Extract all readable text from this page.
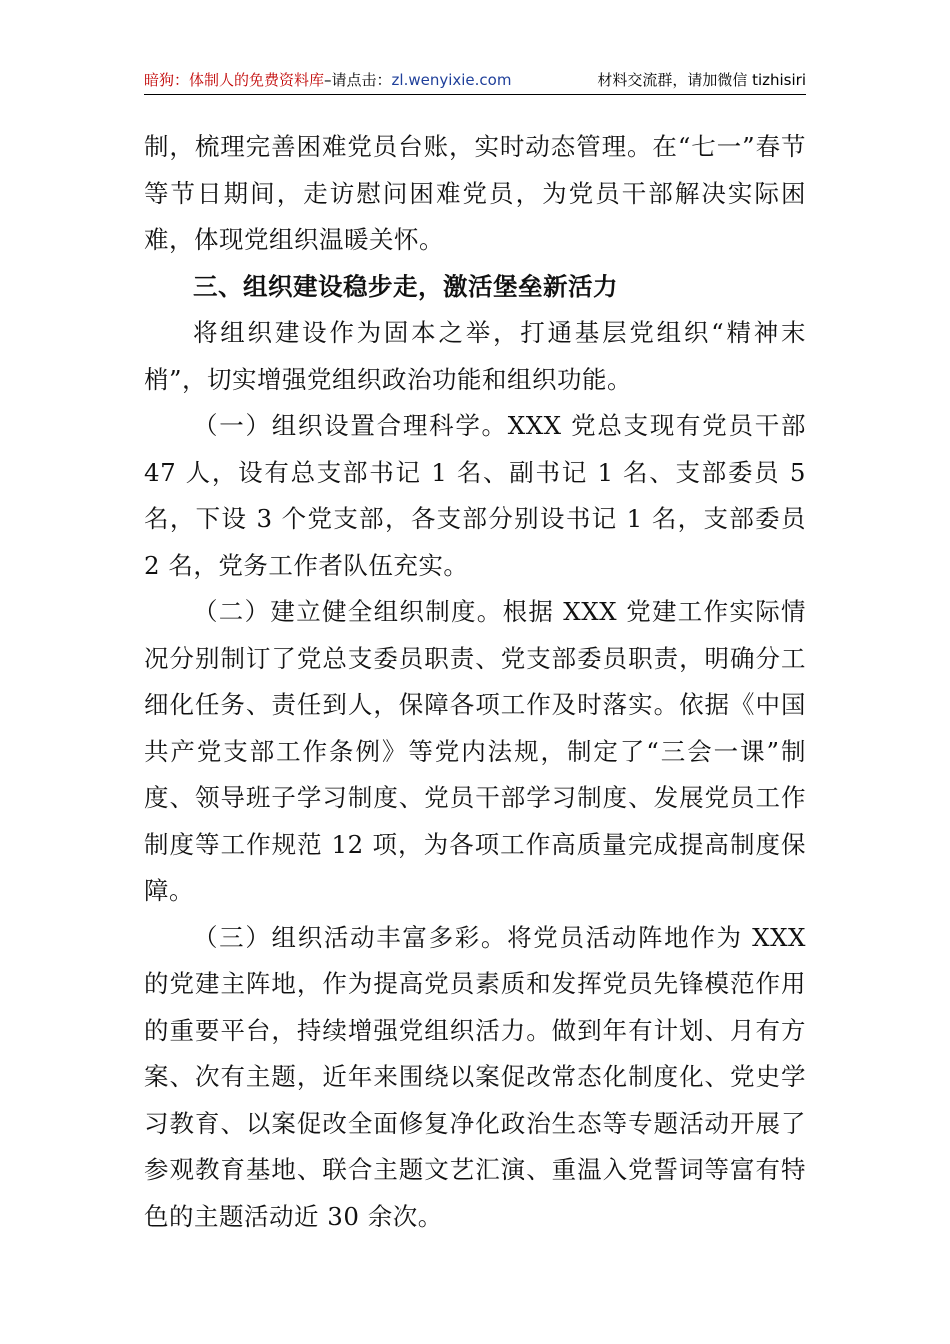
暗狗：体制人的免费资料库–请点击：zl.wenyixie.com	材料交流群，请加微信 tizhisiri

制，梳理完善困难党员台账，实时动态管理。在“七一”春节等节日期间，走访慰问困难党员，为党员干部解决实际困难，体现党组织温暖关怀。

三、组织建设稳步走，激活堡垒新活力

将组织建设作为固本之举，打通基层党组织“精神末梢”，切实增强党组织政治功能和组织功能。

（一）组织设置合理科学。XXX 党总支现有党员干部 47 人，设有总支部书记 1 名、副书记 1 名、支部委员 5 名，下设 3 个党支部，各支部分别设书记 1 名，支部委员 2 名，党务工作者队伍充实。

（二）建立健全组织制度。根据 XXX 党建工作实际情况分别制订了党总支委员职责、党支部委员职责，明确分工细化任务、责任到人，保障各项工作及时落实。依据《中国共产党支部工作条例》等党内法规，制定了“三会一课”制度、领导班子学习制度、党员干部学习制度、发展党员工作制度等工作规范 12 项，为各项工作高质量完成提高制度保障。

（三）组织活动丰富多彩。将党员活动阵地作为 XXX 的党建主阵地，作为提高党员素质和发挥党员先锋模范作用的重要平台，持续增强党组织活力。做到年有计划、月有方案、次有主题，近年来围绕以案促改常态化制度化、党史学习教育、以案促改全面修复净化政治生态等专题活动开展了参观教育基地、联合主题文艺汇演、重温入党誓词等富有特色的主题活动近 30 余次。
